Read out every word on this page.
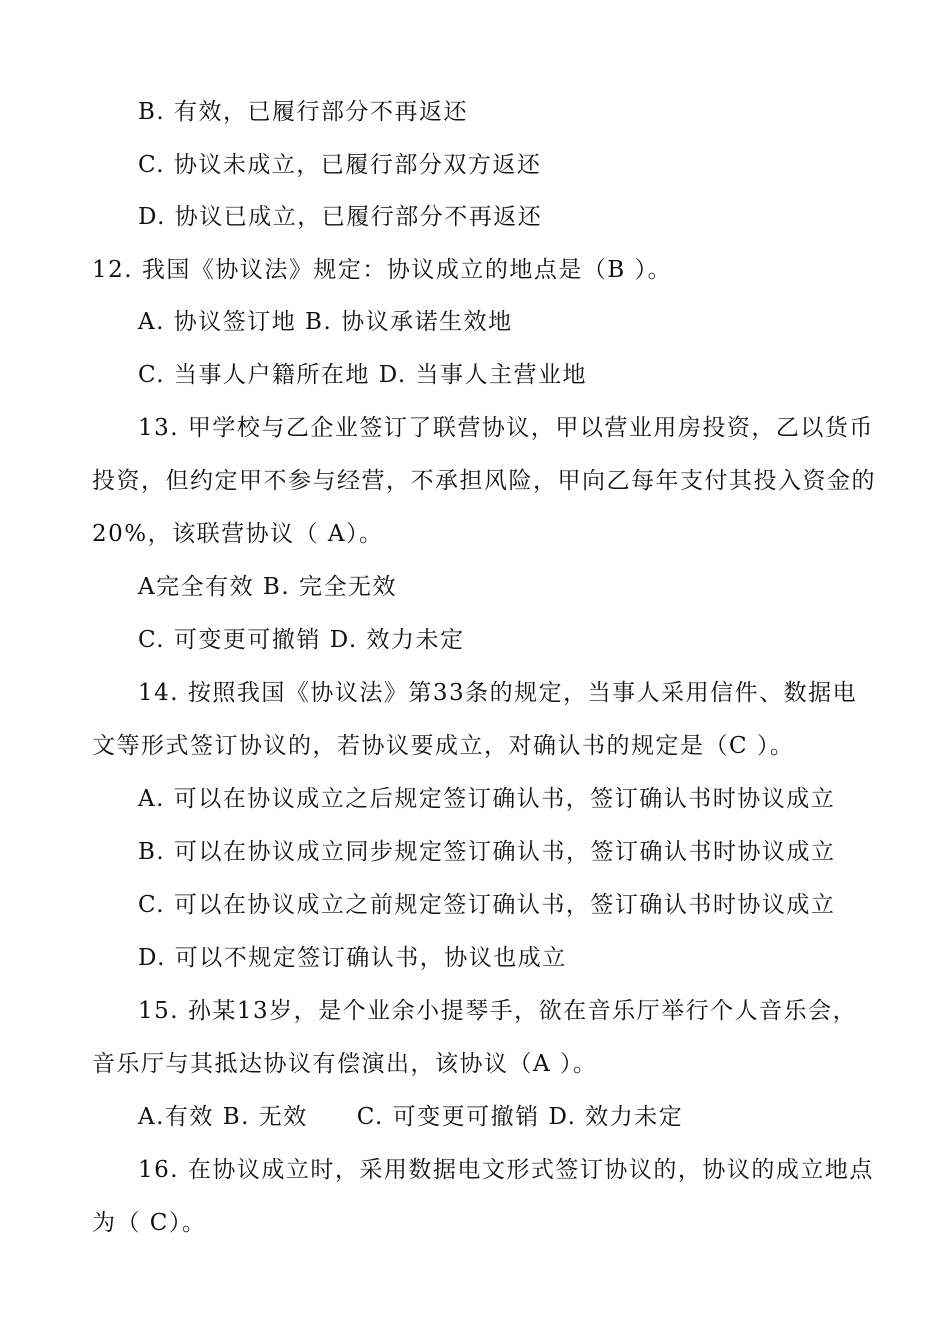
B. 有效，已履行部分不再返还
C. 协议未成立，已履行部分双方返还
D. 协议已成立，已履行部分不再返还
12. 我国《协议法》规定：协议成立的地点是（B ）。
A. 协议签订地 B. 协议承诺生效地
C. 当事人户籍所在地 D. 当事人主营业地
13. 甲学校与乙企业签订了联营协议，甲以营业用房投资，乙以货币
投资，但约定甲不参与经营，不承担风险，甲向乙每年支付其投入资金的
20%，该联营协议（ A）。
A完全有效 B. 完全无效
C. 可变更可撤销 D. 效力未定
14. 按照我国《协议法》第33条的规定，当事人采用信件、数据电
文等形式签订协议的，若协议要成立，对确认书的规定是（C ）。
A. 可以在协议成立之后规定签订确认书，签订确认书时协议成立
B. 可以在协议成立同步规定签订确认书，签订确认书时协议成立
C. 可以在协议成立之前规定签订确认书，签订确认书时协议成立
D. 可以不规定签订确认书，协议也成立
15. 孙某13岁，是个业余小提琴手，欲在音乐厅举行个人音乐会，
音乐厅与其抵达协议有偿演出，该协议（A ）。
A.有效 B. 无效　　C. 可变更可撤销 D. 效力未定
16. 在协议成立时，采用数据电文形式签订协议的，协议的成立地点
为（ C）。
